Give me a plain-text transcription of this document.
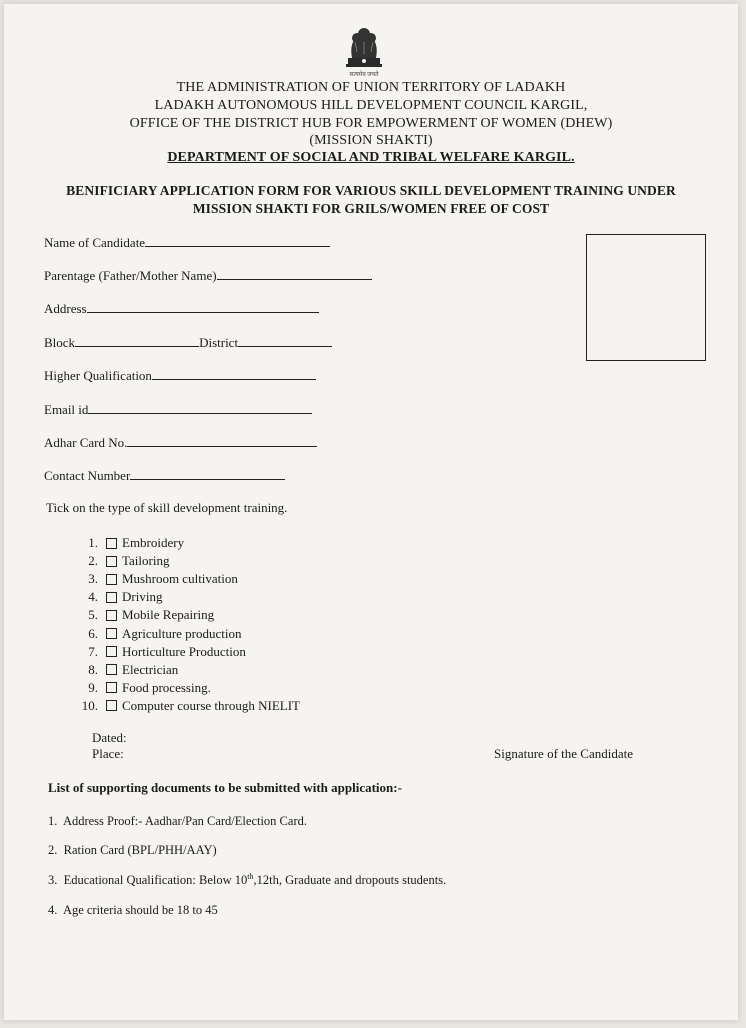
सत्यमेव जयते
THE ADMINISTRATION OF UNION TERRITORY OF LADAKH
LADAKH AUTONOMOUS HILL DEVELOPMENT COUNCIL KARGIL,
OFFICE OF THE DISTRICT HUB FOR EMPOWERMENT OF WOMEN (DHEW)
(MISSION SHAKTI)
DEPARTMENT OF SOCIAL AND TRIBAL WELFARE KARGIL.
BENIFICIARY APPLICATION FORM FOR VARIOUS SKILL DEVELOPMENT TRAINING UNDER
MISSION SHAKTI FOR GRILS/WOMEN FREE OF COST
Name of Candidate
Parentage (Father/Mother Name)
Address
Block	District
Higher Qualification
Email id
Adhar Card No.
Contact Number
Tick on the type of skill development training.
1.	Embroidery
2.	Tailoring
3.	Mushroom cultivation
4.	Driving
5.	Mobile Repairing
6.	Agriculture production
7.	Horticulture Production
8.	Electrician
9.	Food processing.
10.	Computer course through NIELIT
Dated:
Place:	Signature of the Candidate
List of supporting documents to be submitted with application:-
1. Address Proof:- Aadhar/Pan Card/Election Card.
2. Ration Card (BPL/PHH/AAY)
3. Educational Qualification: Below 10th,12th, Graduate and dropouts students.
4. Age criteria should be 18 to 45
